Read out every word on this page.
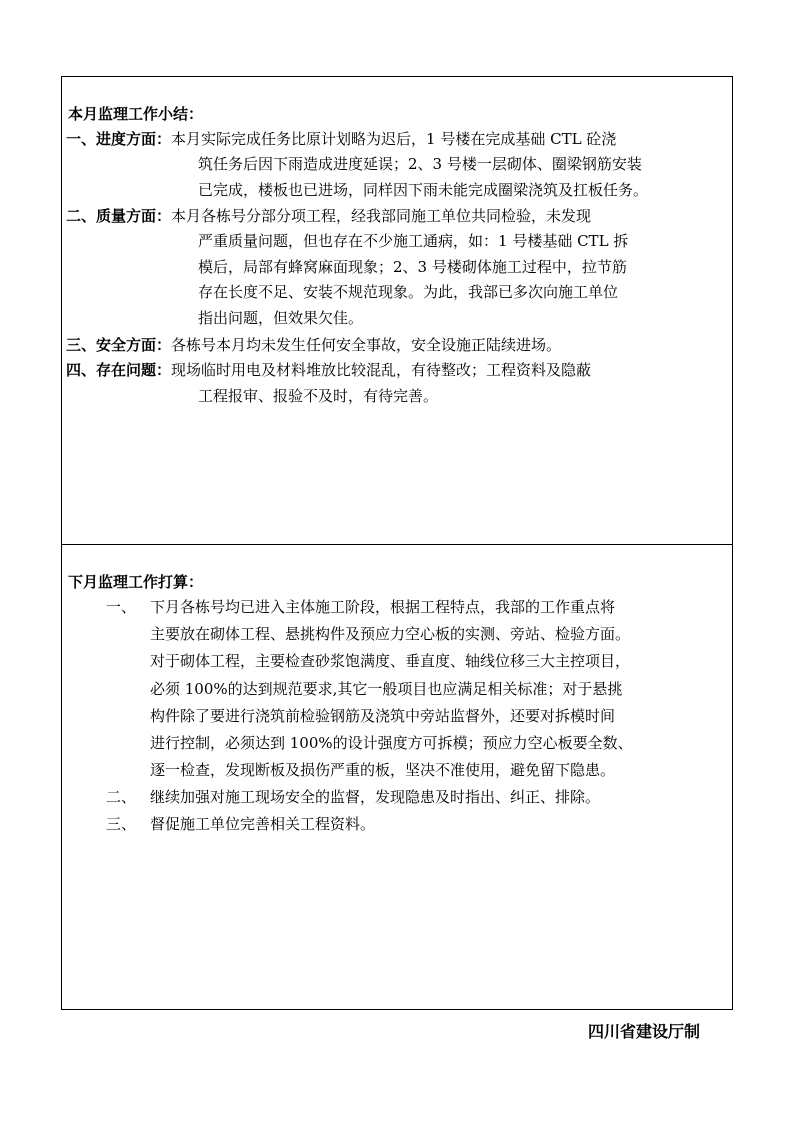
本月监理工作小结：
一、进度方面：本月实际完成任务比原计划略为迟后，1 号楼在完成基础 CTL 砼浇
筑任务后因下雨造成进度延误；2、3 号楼一层砌体、圈梁钢筋安装
已完成，楼板也已进场，同样因下雨未能完成圈梁浇筑及扛板任务。
二、质量方面：本月各栋号分部分项工程，经我部同施工单位共同检验，未发现
严重质量问题，但也存在不少施工通病，如：1 号楼基础 CTL 拆
模后，局部有蜂窝麻面现象；2、3 号楼砌体施工过程中，拉节筋
存在长度不足、安装不规范现象。为此，我部已多次向施工单位
指出问题，但效果欠佳。
三、安全方面：各栋号本月均未发生任何安全事故，安全设施正陆续进场。
四、存在问题：现场临时用电及材料堆放比较混乱，有待整改；工程资料及隐蔽
工程报审、报验不及时，有待完善。
下月监理工作打算：
一、 下月各栋号均已进入主体施工阶段，根据工程特点，我部的工作重点将
主要放在砌体工程、悬挑构件及预应力空心板的实测、旁站、检验方面。
对于砌体工程，主要检查砂浆饱满度、垂直度、轴线位移三大主控项目，
必须 100%的达到规范要求,其它一般项目也应满足相关标准；对于悬挑
构件除了要进行浇筑前检验钢筋及浇筑中旁站监督外，还要对拆模时间
进行控制，必须达到 100%的设计强度方可拆模；预应力空心板要全数、
逐一检查，发现断板及损伤严重的板，坚决不准使用，避免留下隐患。
二、 继续加强对施工现场安全的监督，发现隐患及时指出、纠正、排除。
三、 督促施工单位完善相关工程资料。
四川省建设厅制
